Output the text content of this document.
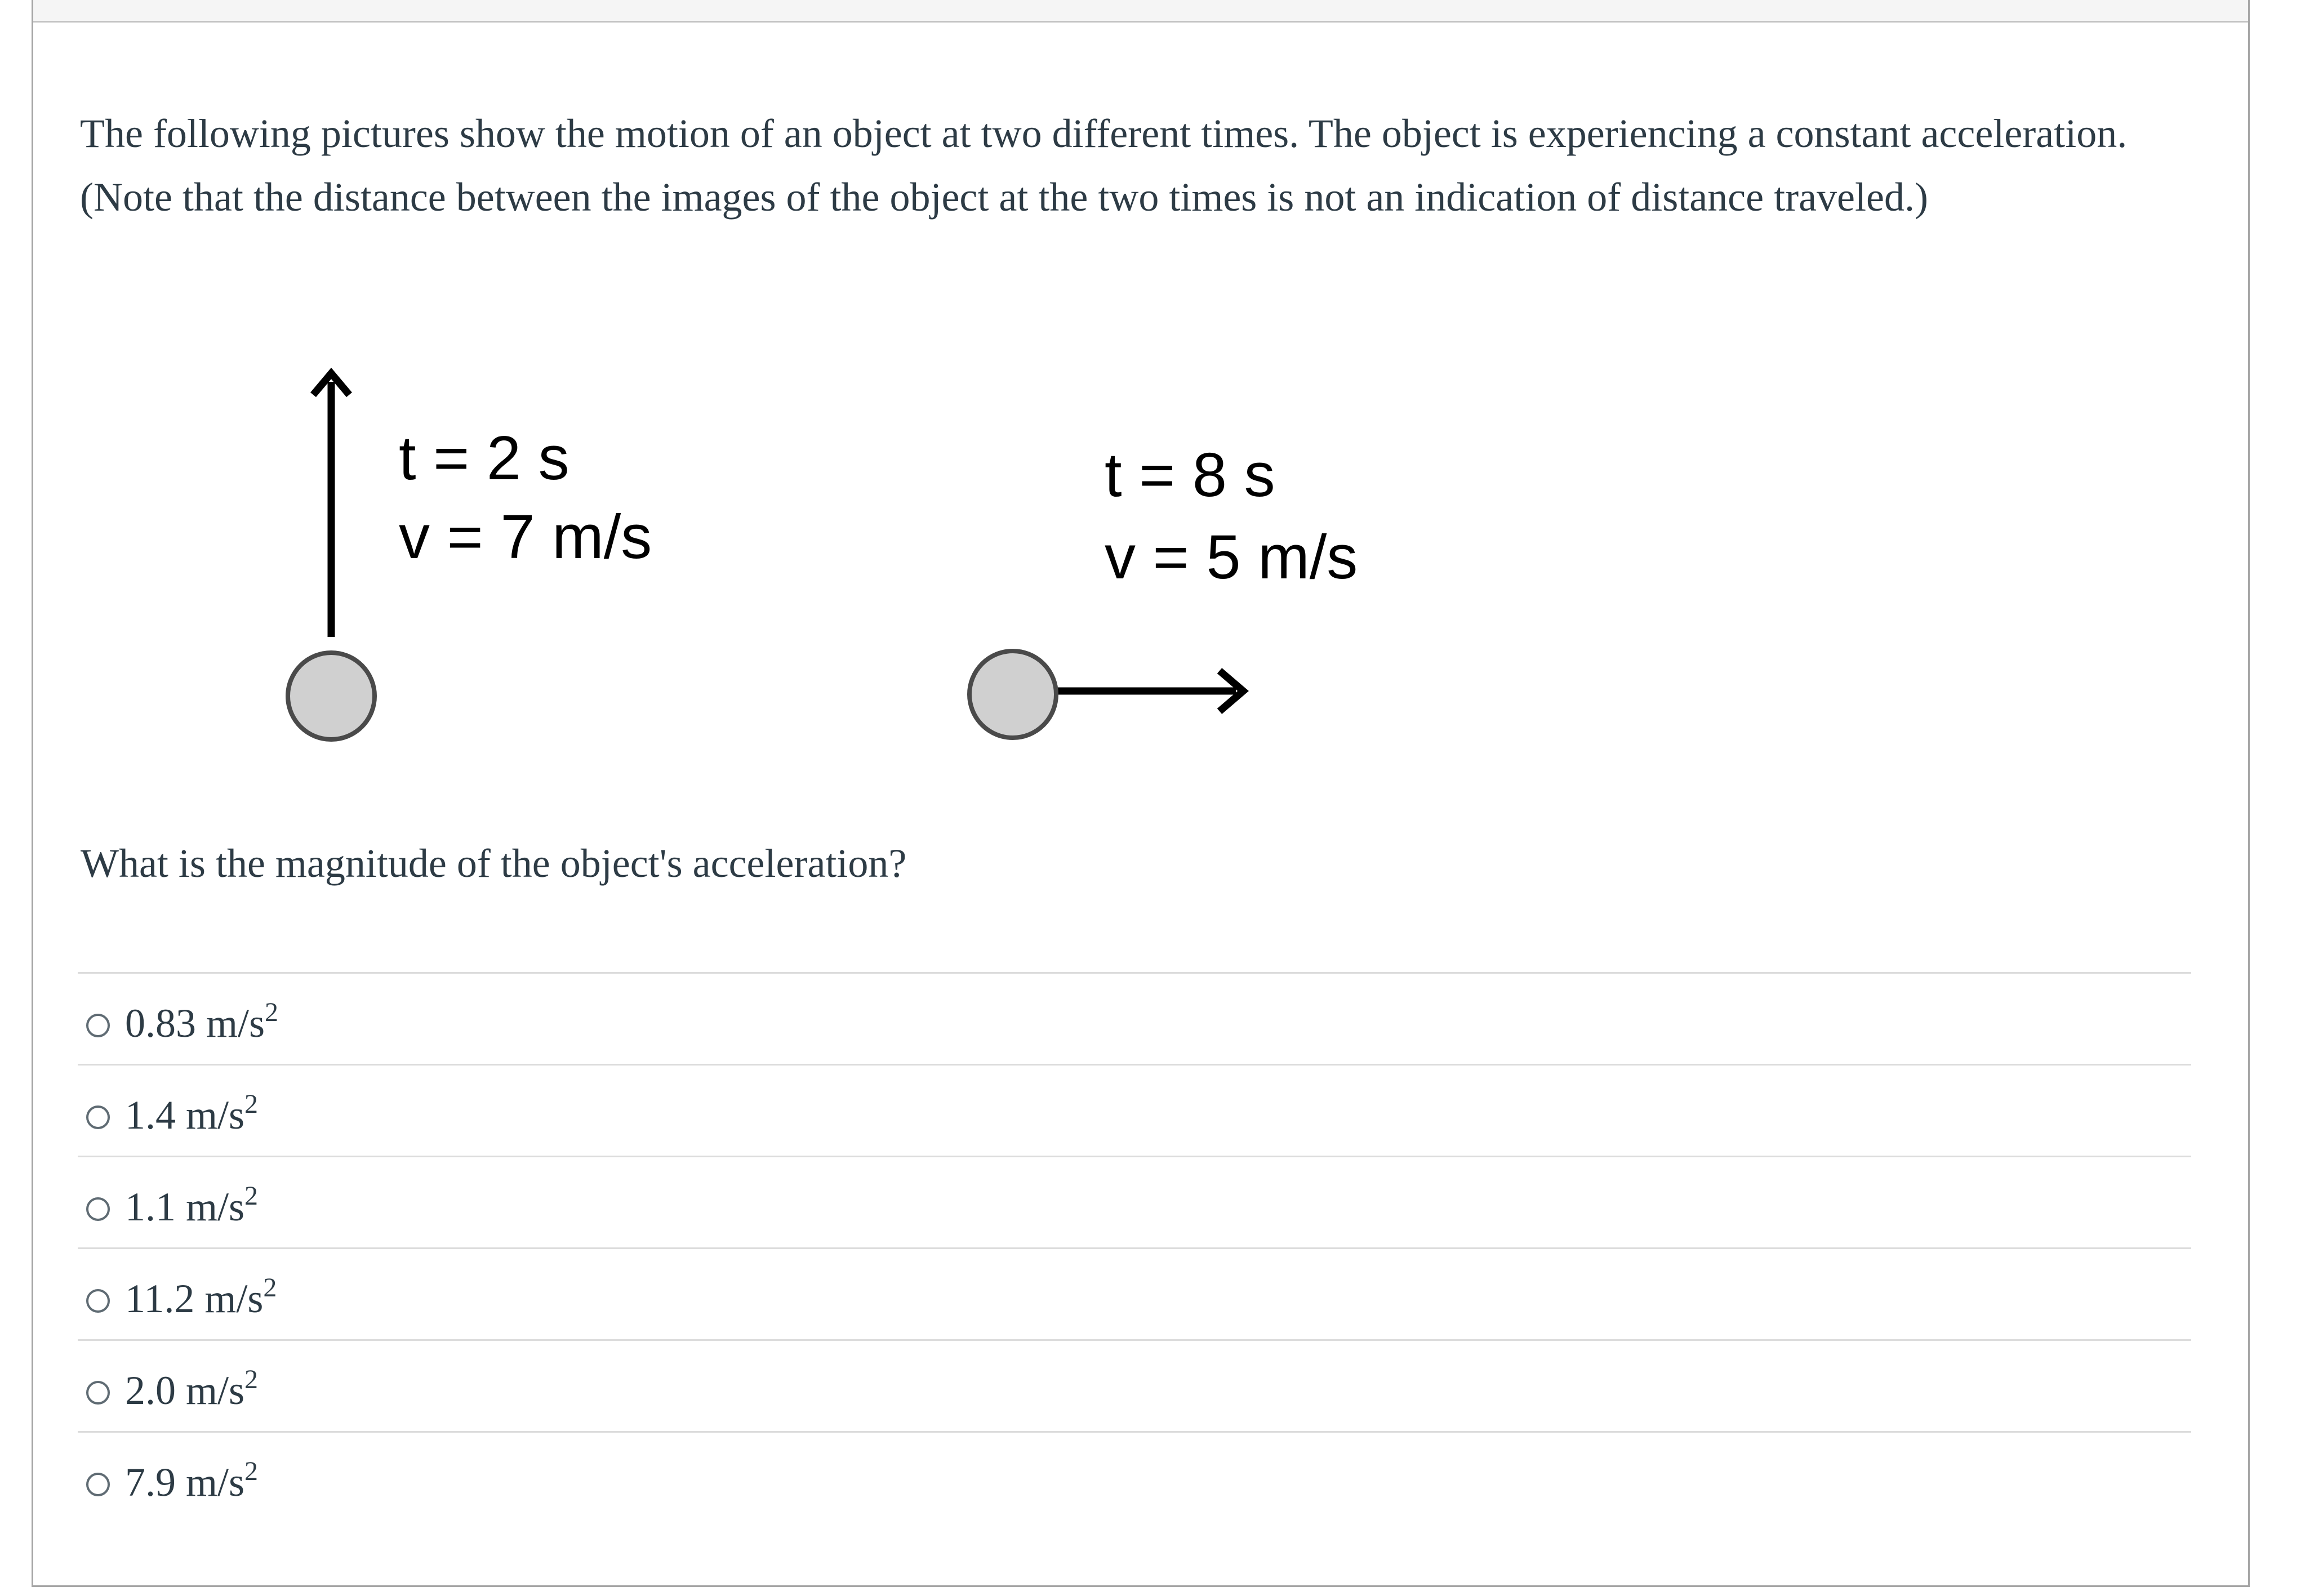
The following pictures show the motion of an object at two different times. The object is experiencing a constant acceleration. (Note that the distance between the images of the object at the two times is not an indication of distance traveled.)

t = 2 s
v = 7 m/s
t = 8 s
v = 5 m/s
What is the magnitude of the object's acceleration?
0.83 $m/s^2$
1.4 $m/s^2$
1.1 $m/s^2$
11.2 $m/s^2$
2.0 $m/s^2$
7.9 $m/s^2$
